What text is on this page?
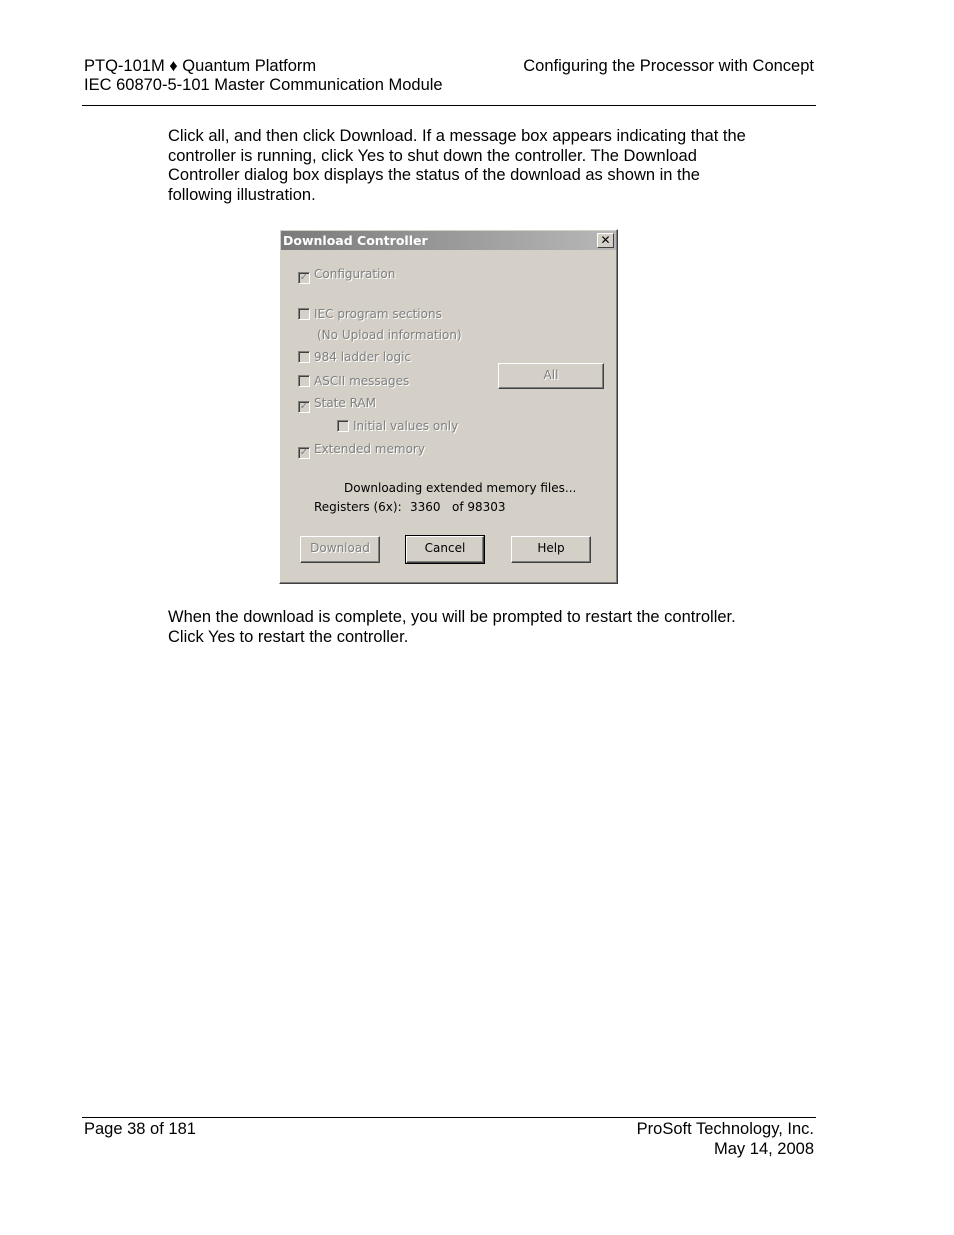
PTQ-101M ♦ Quantum Platform
IEC 60870-5-101 Master Communication Module
Configuring the Processor with Concept
Click all, and then click Download. If a message box appears indicating that the controller is running, click Yes to shut down the controller. The Download Controller dialog box displays the status of the download as shown in the following illustration.
Download Controller	✕
✓ Configuration
IEC program sections
(No Upload information)
984 ladder logic
ASCII messages
✓ State RAM
Initial values only
✓ Extended memory
All
Downloading extended memory files...
Registers (6x): 3360 of 98303
Download	Cancel	Help
When the download is complete, you will be prompted to restart the controller. Click Yes to restart the controller.
Page 38 of 181	ProSoft Technology, Inc.
May 14, 2008
